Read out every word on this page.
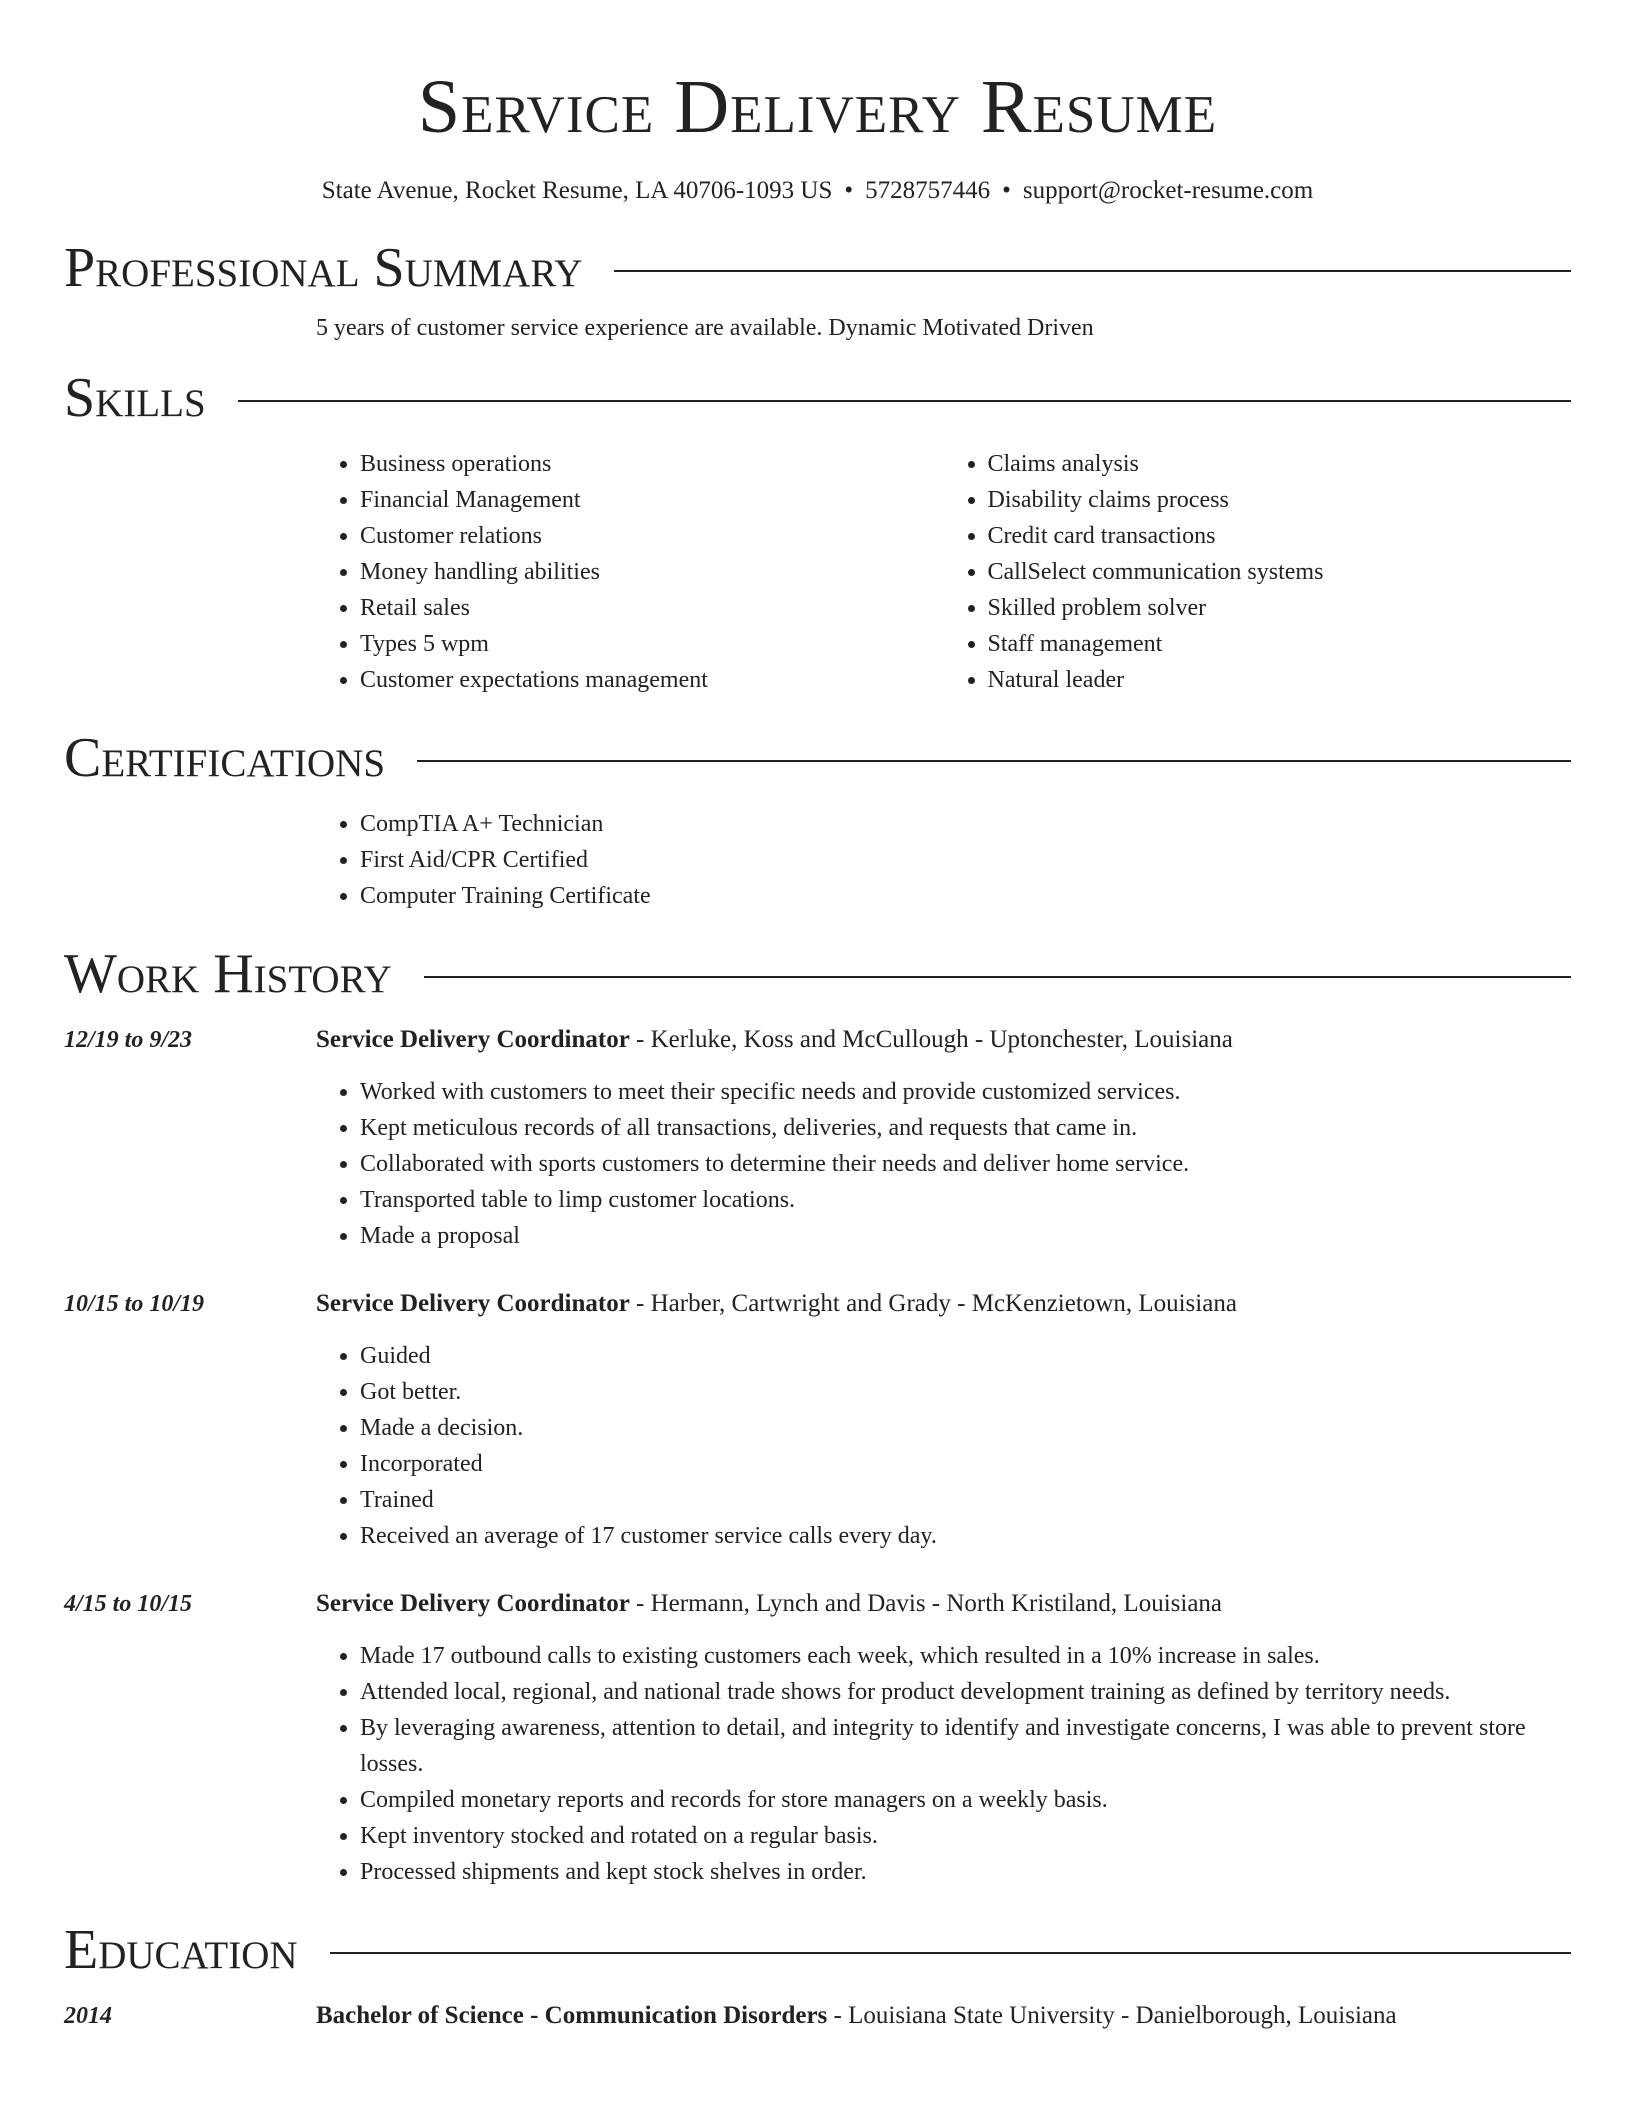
Service Delivery Resume
State Avenue, Rocket Resume, LA 40706-1093 US • 5728757446 • support@rocket-resume.com
Professional Summary
5 years of customer service experience are available. Dynamic Motivated Driven
Skills
• Business operations
• Financial Management
• Customer relations
• Money handling abilities
• Retail sales
• Types 5 wpm
• Customer expectations management
• Claims analysis
• Disability claims process
• Credit card transactions
• CallSelect communication systems
• Skilled problem solver
• Staff management
• Natural leader
Certifications
• CompTIA A+ Technician
• First Aid/CPR Certified
• Computer Training Certificate
Work History
12/19 to 9/23	Service Delivery Coordinator - Kerluke, Koss and McCullough - Uptonchester, Louisiana
• Worked with customers to meet their specific needs and provide customized services.
• Kept meticulous records of all transactions, deliveries, and requests that came in.
• Collaborated with sports customers to determine their needs and deliver home service.
• Transported table to limp customer locations.
• Made a proposal
10/15 to 10/19	Service Delivery Coordinator - Harber, Cartwright and Grady - McKenzietown, Louisiana
• Guided
• Got better.
• Made a decision.
• Incorporated
• Trained
• Received an average of 17 customer service calls every day.
4/15 to 10/15	Service Delivery Coordinator - Hermann, Lynch and Davis - North Kristiland, Louisiana
• Made 17 outbound calls to existing customers each week, which resulted in a 10% increase in sales.
• Attended local, regional, and national trade shows for product development training as defined by territory needs.
• By leveraging awareness, attention to detail, and integrity to identify and investigate concerns, I was able to prevent store losses.
• Compiled monetary reports and records for store managers on a weekly basis.
• Kept inventory stocked and rotated on a regular basis.
• Processed shipments and kept stock shelves in order.
Education
2014	Bachelor of Science - Communication Disorders - Louisiana State University - Danielborough, Louisiana
